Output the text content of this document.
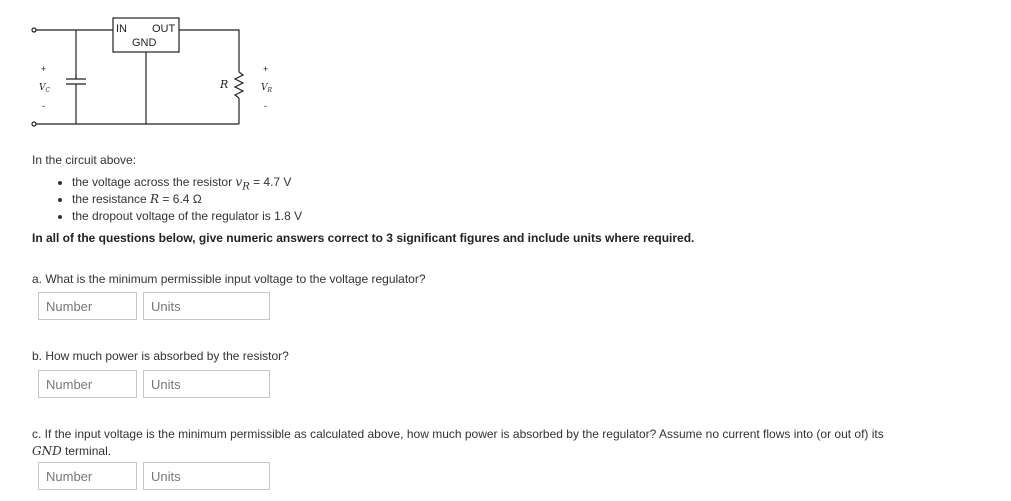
IN OUT
GND
+
$V_C$
-
R
+
$V_R$
-
In the circuit above:
• the voltage across the resistor $v_R = 4.7$ V
• the resistance R = 6.4 Ω
• the dropout voltage of the regulator is 1.8 V
In all of the questions below, give numeric answers correct to 3 significant figures and include units where required.
a. What is the minimum permissible input voltage to the voltage regulator?
Number
Units
b. How much power is absorbed by the resistor?
Number
Units
c. If the input voltage is the minimum permissible as calculated above, how much power is absorbed by the regulator? Assume no current flows into (or out of) its GND terminal.
Number
Units
